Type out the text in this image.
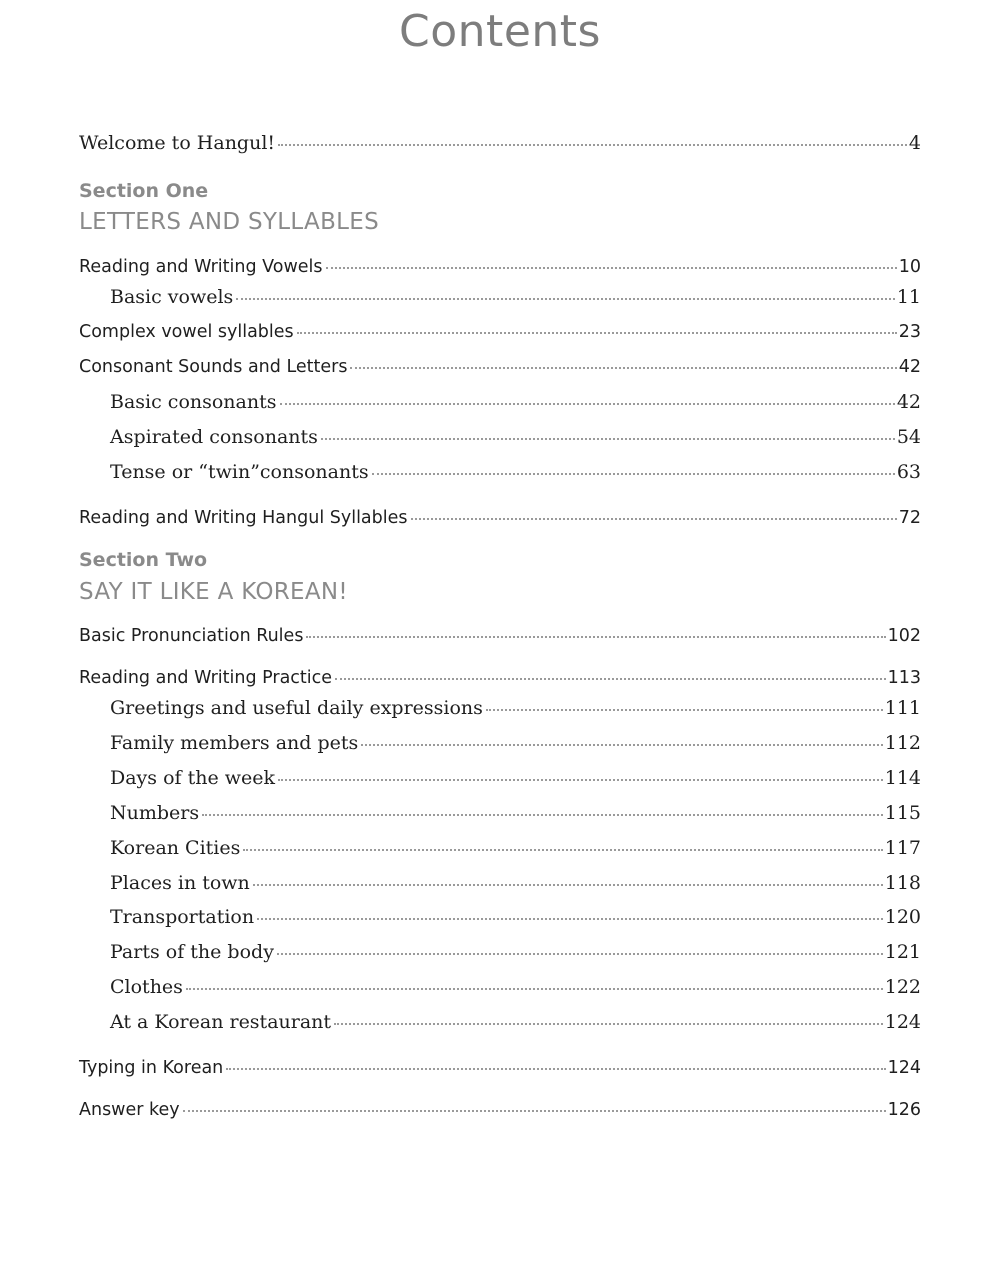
Contents
Welcome to Hangul!	4
Section One
LETTERS AND SYLLABLES
Reading and Writing Vowels	10
Basic vowels	11
Complex vowel syllables	23
Consonant Sounds and Letters	42
Basic consonants	42
Aspirated consonants	54
Tense or “twin”consonants	63
Reading and Writing Hangul Syllables	72
Section Two
SAY IT LIKE A KOREAN!
Basic Pronunciation Rules	102
Reading and Writing Practice	113
Greetings and useful daily expressions	111
Family members and pets	112
Days of the week	114
Numbers	115
Korean Cities	117
Places in town	118
Transportation	120
Parts of the body	121
Clothes	122
At a Korean restaurant	124
Typing in Korean	124
Answer key	126
